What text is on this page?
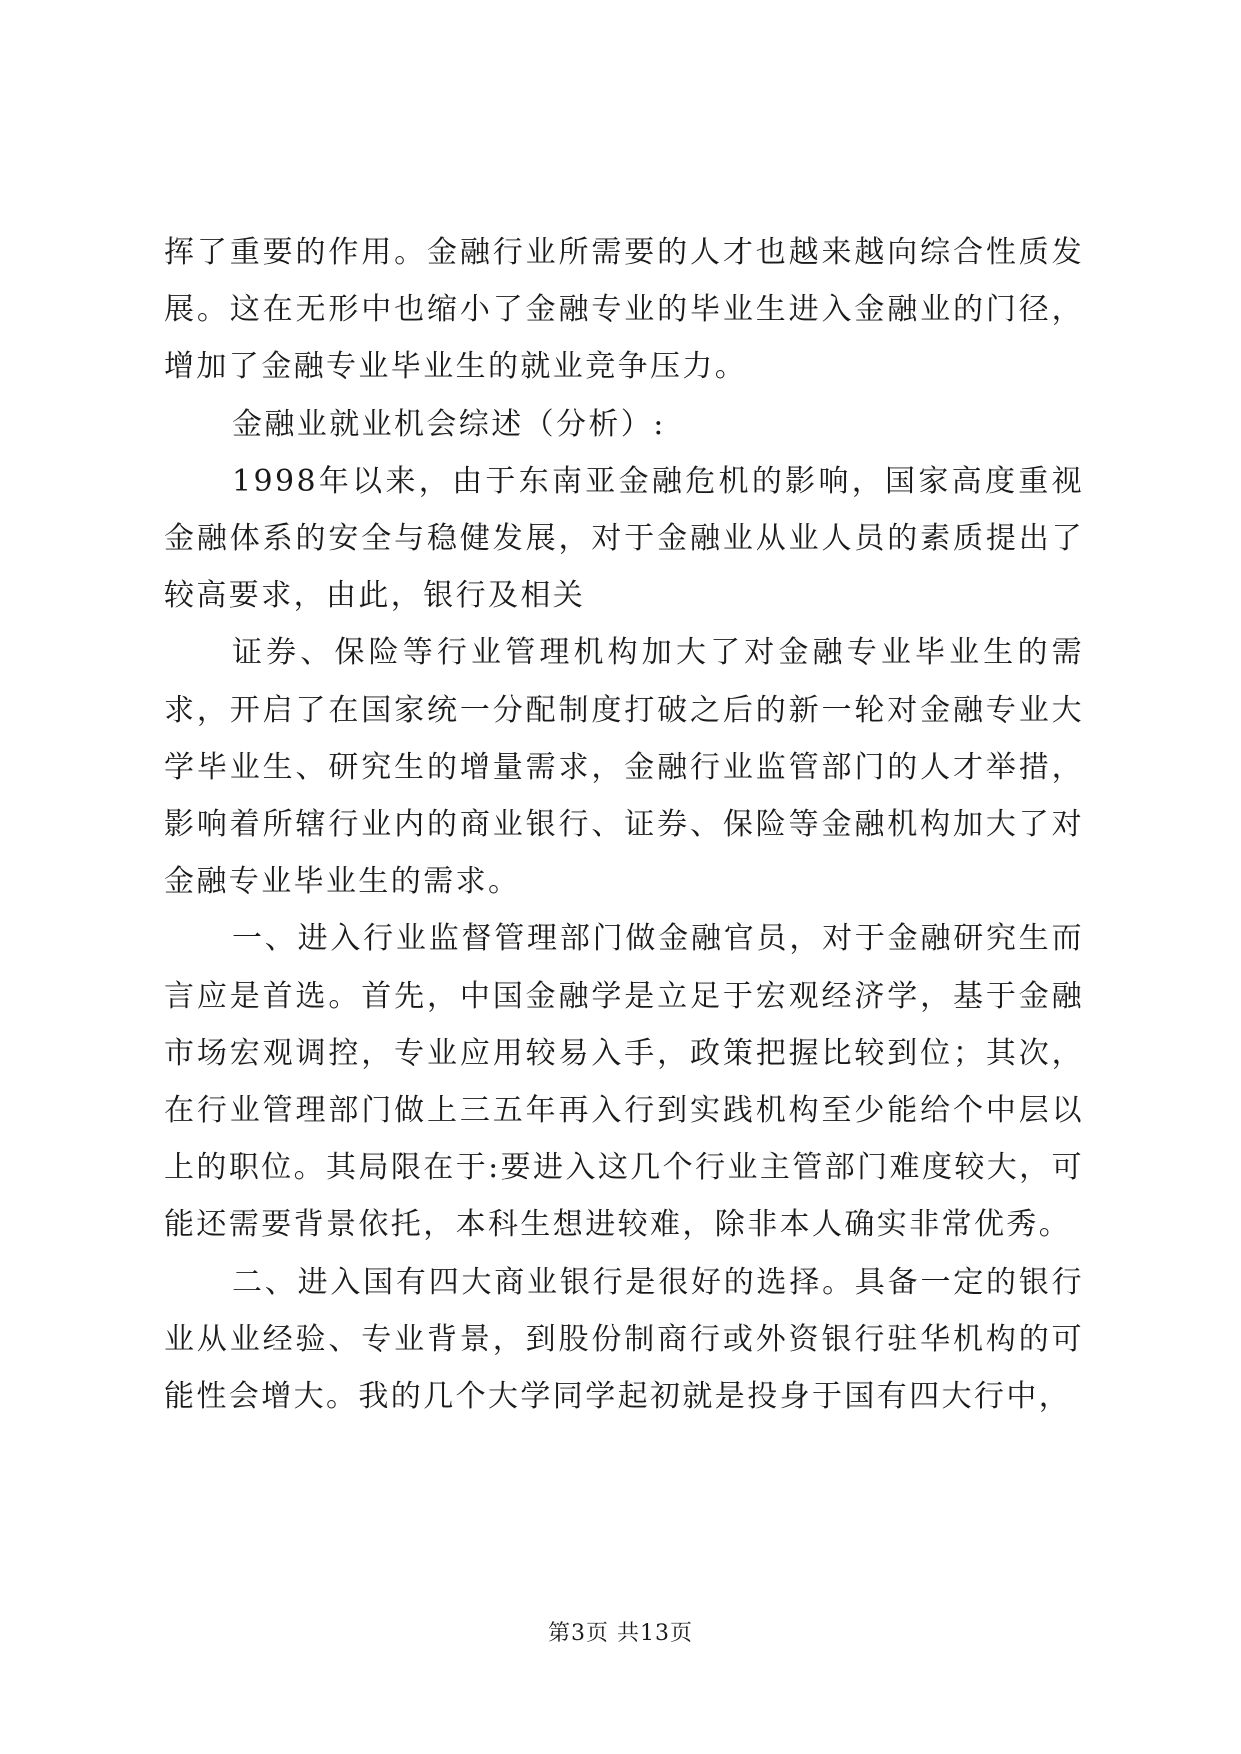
挥了重要的作用。金融行业所需要的人才也越来越向综合性质发展。这在无形中也缩小了金融专业的毕业生进入金融业的门径，增加了金融专业毕业生的就业竞争压力。

金融业就业机会综述（分析）:

1998年以来，由于东南亚金融危机的影响，国家高度重视金融体系的安全与稳健发展，对于金融业从业人员的素质提出了较高要求，由此，银行及相关

证券、保险等行业管理机构加大了对金融专业毕业生的需求，开启了在国家统一分配制度打破之后的新一轮对金融专业大学毕业生、研究生的增量需求，金融行业监管部门的人才举措，影响着所辖行业内的商业银行、证券、保险等金融机构加大了对金融专业毕业生的需求。

一、进入行业监督管理部门做金融官员，对于金融研究生而言应是首选。首先，中国金融学是立足于宏观经济学，基于金融市场宏观调控，专业应用较易入手，政策把握比较到位；其次，在行业管理部门做上三五年再入行到实践机构至少能给个中层以上的职位。其局限在于:要进入这几个行业主管部门难度较大，可能还需要背景依托，本科生想进较难，除非本人确实非常优秀。

二、进入国有四大商业银行是很好的选择。具备一定的银行业从业经验、专业背景，到股份制商行或外资银行驻华机构的可能性会增大。我的几个大学同学起初就是投身于国有四大行中，

第3页 共13页
